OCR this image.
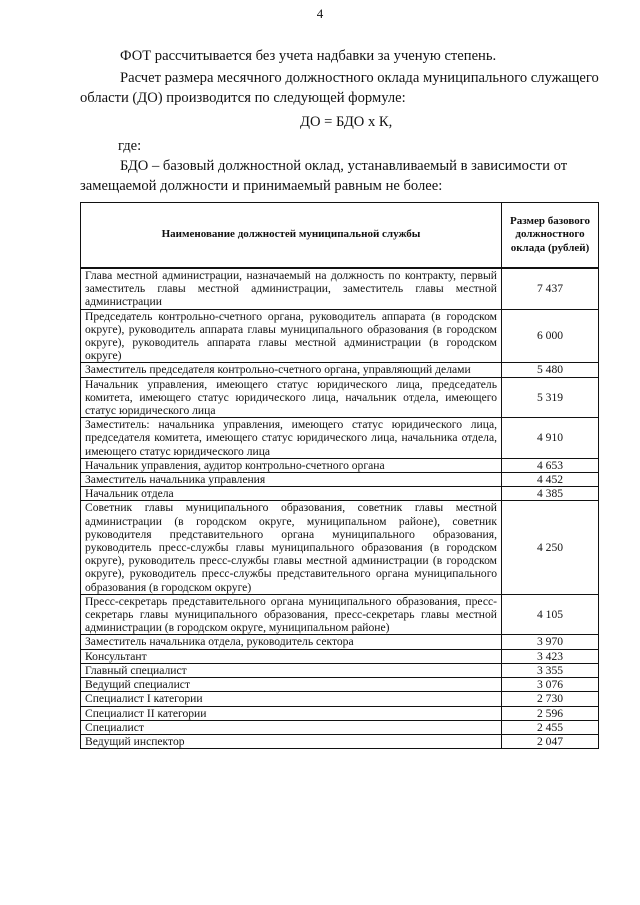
4
ФОТ рассчитывается без учета надбавки за ученую степень.
Расчет размера месячного должностного оклада муниципального служащего области (ДО) производится по следующей формуле:
ДО = БДО х К,
где:
БДО – базовый должностной оклад, устанавливаемый в зависимости от замещаемой должности и принимаемый равным не более:
Наименование должностей муниципальной службы	Размер базового должностного оклада (рублей)
Глава местной администрации, назначаемый на должность по контракту, первый заместитель главы местной администрации, заместитель главы местной администрации	7 437
Председатель контрольно-счетного органа, руководитель аппарата (в городском округе), руководитель аппарата главы муниципального образования (в городском округе), руководитель аппарата главы местной администрации (в городском округе)	6 000
Заместитель председателя контрольно-счетного органа, управляющий делами	5 480
Начальник управления, имеющего статус юридического лица, председатель комитета, имеющего статус юридического лица, начальник отдела, имеющего статус юридического лица	5 319
Заместитель: начальника управления, имеющего статус юридического лица, председателя комитета, имеющего статус юридического лица, начальника отдела, имеющего статус юридического лица	4 910
Начальник управления, аудитор контрольно-счетного органа	4 653
Заместитель начальника управления	4 452
Начальник отдела	4 385
Советник главы муниципального образования, советник главы местной администрации (в городском округе, муниципальном районе), советник руководителя представительного органа муниципального образования, руководитель пресс-службы главы муниципального образования (в городском округе), руководитель пресс-службы главы местной администрации (в городском округе), руководитель пресс-службы представительного органа муниципального образования (в городском округе)	4 250
Пресс-секретарь представительного органа муниципального образования, пресс-секретарь главы муниципального образования, пресс-секретарь главы местной администрации (в городском округе, муниципальном районе)	4 105
Заместитель начальника отдела, руководитель сектора	3 970
Консультант	3 423
Главный специалист	3 355
Ведущий специалист	3 076
Специалист I категории	2 730
Специалист II категории	2 596
Специалист	2 455
Ведущий инспектор	2 047
